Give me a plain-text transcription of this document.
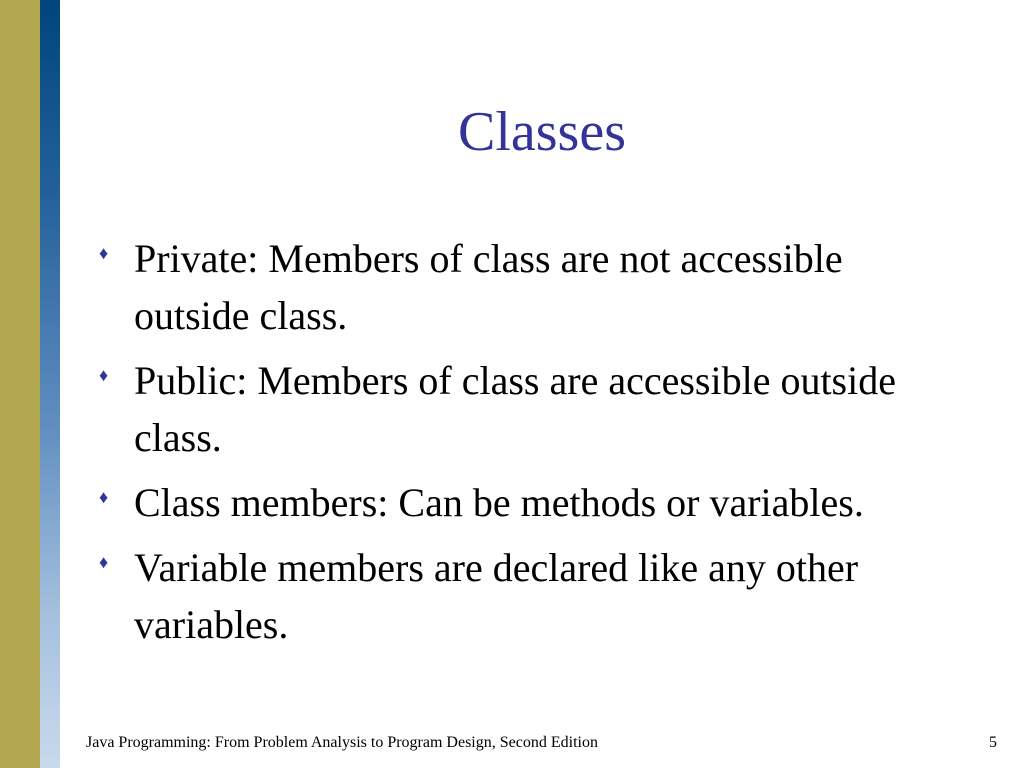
Classes
♦ Private: Members of class are not accessible outside class.
♦ Public: Members of class are accessible outside class.
♦ Class members: Can be methods or variables.
♦ Variable members are declared like any other variables.
Java Programming: From Problem Analysis to Program Design, Second Edition	5
